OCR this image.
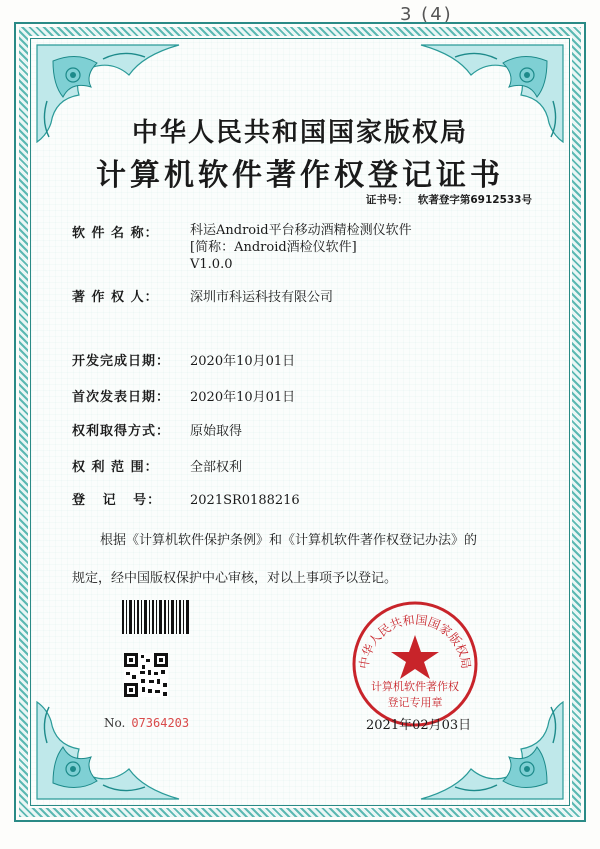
3 (4)
中华人民共和国国家版权局
计算机软件著作权登记证书
证书号： 软著登字第6912533号
软 件 名 称：	科运Android平台移动酒精检测仪软件
[简称：Android酒检仪软件]
V1.0.0
著 作 权 人： 深圳市科运科技有限公司
开发完成日期： 2020年10月01日
首次发表日期： 2020年10月01日
权利取得方式： 原始取得
权 利 范 围： 全部权利
登   记   号： 2021SR0188216
根据《计算机软件保护条例》和《计算机软件著作权登记办法》的
规定，经中国版权保护中心审核，对以上事项予以登记。
No. 07364203
中华人民共和国国家版权局
计算机软件著作权
登记专用章
2021年02月03日
